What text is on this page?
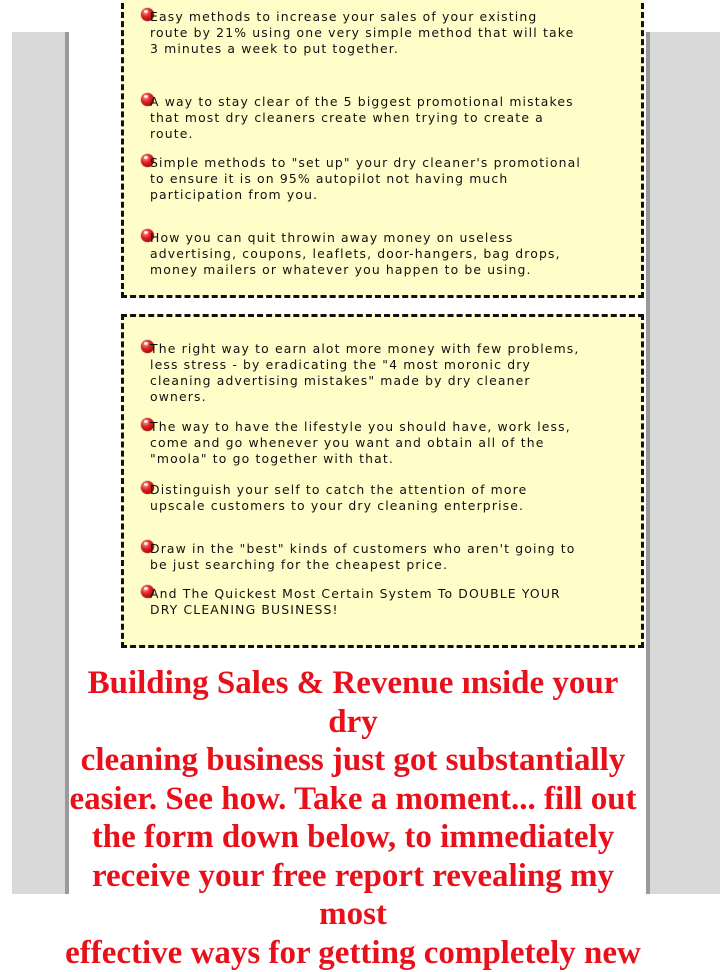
Easy methods to increase your sales of your existing
route by 21% using one very simple method that will take
3 minutes a week to put together.
A way to stay clear of the 5 biggest promotional mistakes
that most dry cleaners create when trying to create a
route.
Simple methods to "set up" your dry cleaner's promotional
to ensure it is on 95% autopilot not having much
participation from you.
How you can quit throwin away money on useless
advertising, coupons, leaflets, door-hangers, bag drops,
money mailers or whatever you happen to be using.
The right way to earn alot more money with few problems,
less stress - by eradicating the "4 most moronic dry
cleaning advertising mistakes" made by dry cleaner
owners.
The way to have the lifestyle you should have, work less,
come and go whenever you want and obtain all of the
"moola" to go together with that.
Distinguish your self to catch the attention of more
upscale customers to your dry cleaning enterprise.
Draw in the "best" kinds of customers who aren't going to
be just searching for the cheapest price.
And The Quickest Most Certain System To DOUBLE YOUR
DRY CLEANING BUSINESS!

Building Sales & Revenue ınside your dry
cleaning business just got substantially
easier. See how. Take a moment... fill out
the form down below, to immediately
receive your free report revealing my most
effective ways for getting completely new
